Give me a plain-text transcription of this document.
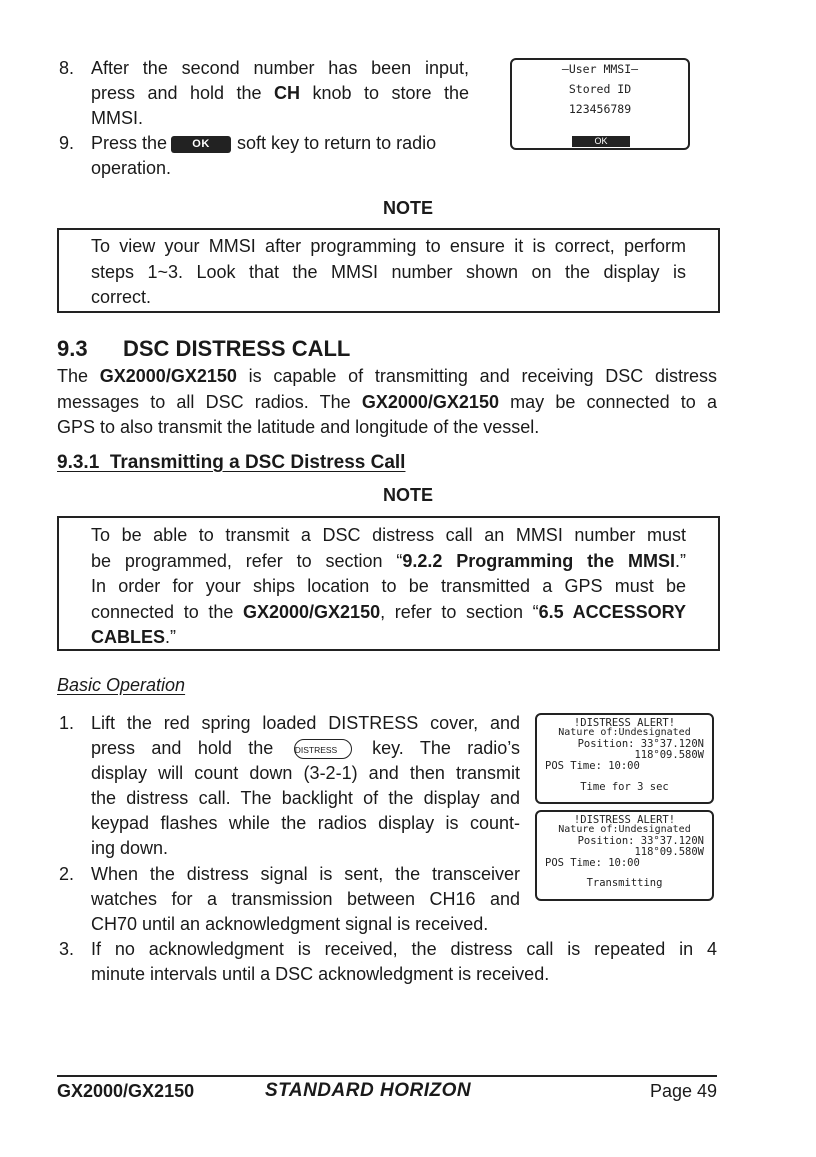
8. After the second number has been input,
press and hold the CH knob to store the
MMSI.
9. Press the OK soft key to return to radio
operation.
–User MMSI–
Stored ID
123456789
OK
NOTE
To view your MMSI after programming to ensure it is correct, perform
steps 1~3. Look that the MMSI number shown on the display is
correct.
9.3 DSC DISTRESS CALL
The GX2000/GX2150 is capable of transmitting and receiving DSC distress
messages to all DSC radios. The GX2000/GX2150 may be connected to a
GPS to also transmit the latitude and longitude of the vessel.
9.3.1  Transmitting a DSC Distress Call
NOTE
To be able to transmit a DSC distress call an MMSI number must
be programmed, refer to section “9.2.2 Programming the MMSI.”
In order for your ships location to be transmitted a GPS must be
connected to the GX2000/GX2150, refer to section “6.5 ACCESSORY
CABLES.”
Basic Operation
1. Lift the red spring loaded DISTRESS cover, and
press and hold the	DISTRESS key. The radio’s
display will count down (3-2-1) and then transmit
the distress call. The backlight of the display and
keypad flashes while the radios display is count-
ing down.
2. When the distress signal is sent, the transceiver
watches for a transmission between CH16 and
CH70 until an acknowledgment signal is received.
3. If no acknowledgment is received, the distress call is repeated in 4
minute intervals until a DSC acknowledgment is received.
!DISTRESS ALERT!
Nature of:Undesignated
Position: 33°37.120N
118°09.580W
POS Time: 10:00
Time for 3 sec
!DISTRESS ALERT!
Nature of:Undesignated
Position: 33°37.120N
118°09.580W
POS Time: 10:00
Transmitting
GX2000/GX2150	STANDARD HORIZON	Page 49
